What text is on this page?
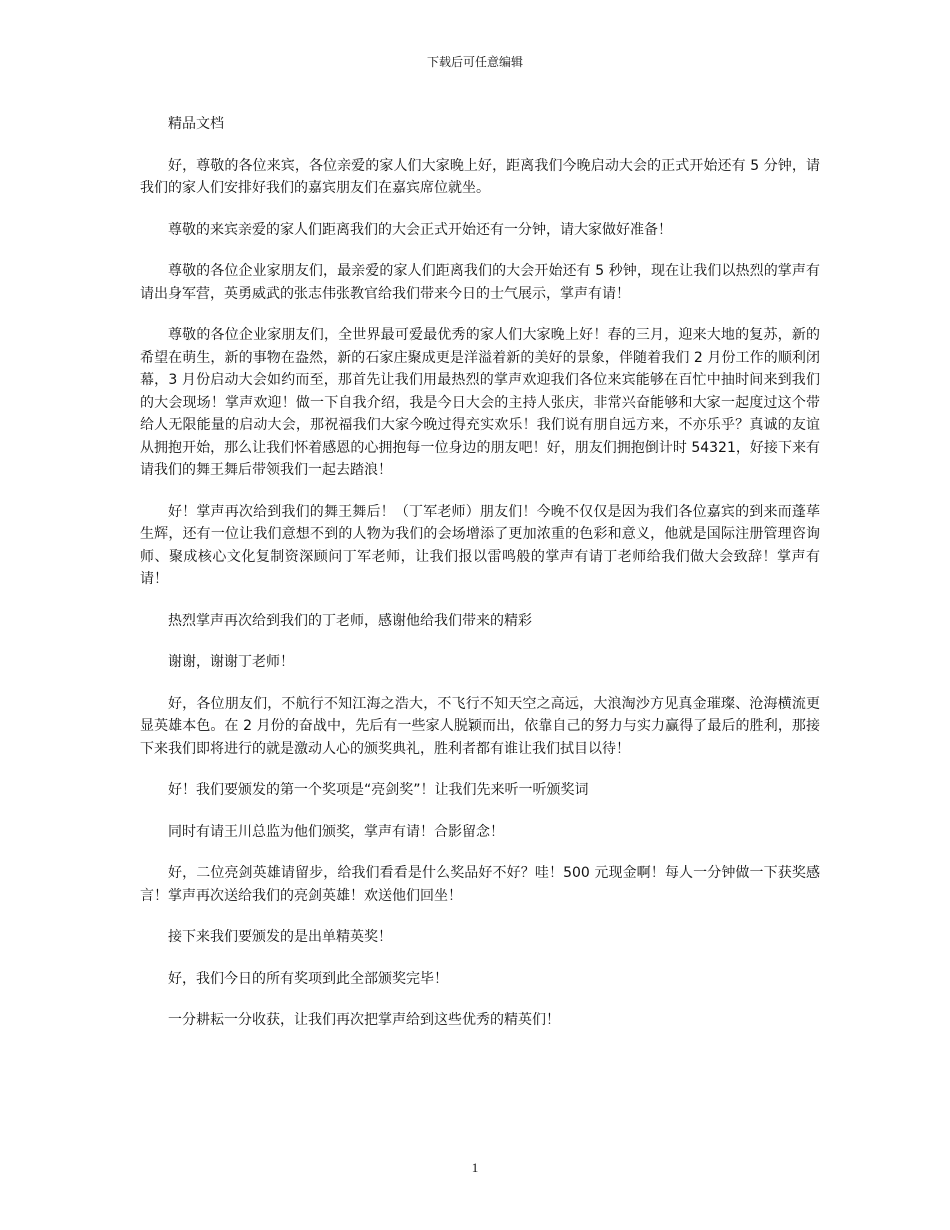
下载后可任意编辑

精品文档

好，尊敬的各位来宾，各位亲爱的家人们大家晚上好，距离我们今晚启动大会的正式开始还有 5 分钟，请我们的家人们安排好我们的嘉宾朋友们在嘉宾席位就坐。

尊敬的来宾亲爱的家人们距离我们的大会正式开始还有一分钟，请大家做好准备！

尊敬的各位企业家朋友们，最亲爱的家人们距离我们的大会开始还有 5 秒钟，现在让我们以热烈的掌声有请出身军营，英勇威武的张志伟张教官给我们带来今日的士气展示，掌声有请！

尊敬的各位企业家朋友们，全世界最可爱最优秀的家人们大家晚上好！春的三月，迎来大地的复苏，新的希望在萌生，新的事物在盎然，新的石家庄聚成更是洋溢着新的美好的景象，伴随着我们 2 月份工作的顺利闭幕，3 月份启动大会如约而至，那首先让我们用最热烈的掌声欢迎我们各位来宾能够在百忙中抽时间来到我们的大会现场！掌声欢迎！做一下自我介绍，我是今日大会的主持人张庆，非常兴奋能够和大家一起度过这个带给人无限能量的启动大会，那祝福我们大家今晚过得充实欢乐！我们说有朋自远方来，不亦乐乎？真诚的友谊从拥抱开始，那么让我们怀着感恩的心拥抱每一位身边的朋友吧！好，朋友们拥抱倒计时 54321，好接下来有请我们的舞王舞后带领我们一起去踏浪！

好！掌声再次给到我们的舞王舞后！（丁军老师）朋友们！今晚不仅仅是因为我们各位嘉宾的到来而蓬荜生辉，还有一位让我们意想不到的人物为我们的会场增添了更加浓重的色彩和意义，他就是国际注册管理咨询师、聚成核心文化复制资深顾问丁军老师，让我们报以雷鸣般的掌声有请丁老师给我们做大会致辞！掌声有请！

热烈掌声再次给到我们的丁老师，感谢他给我们带来的精彩

谢谢，谢谢丁老师！

好，各位朋友们，不航行不知江海之浩大，不飞行不知天空之高远，大浪淘沙方见真金璀璨、沧海横流更显英雄本色。在 2 月份的奋战中，先后有一些家人脱颖而出，依靠自己的努力与实力赢得了最后的胜利，那接下来我们即将进行的就是激动人心的颁奖典礼，胜利者都有谁让我们拭目以待！

好！我们要颁发的第一个奖项是“亮剑奖”！让我们先来听一听颁奖词

同时有请王川总监为他们颁奖，掌声有请！合影留念！

好，二位亮剑英雄请留步，给我们看看是什么奖品好不好？哇！500 元现金啊！每人一分钟做一下获奖感言！掌声再次送给我们的亮剑英雄！欢送他们回坐！

接下来我们要颁发的是出单精英奖！

好，我们今日的所有奖项到此全部颁奖完毕！

一分耕耘一分收获，让我们再次把掌声给到这些优秀的精英们！

1
